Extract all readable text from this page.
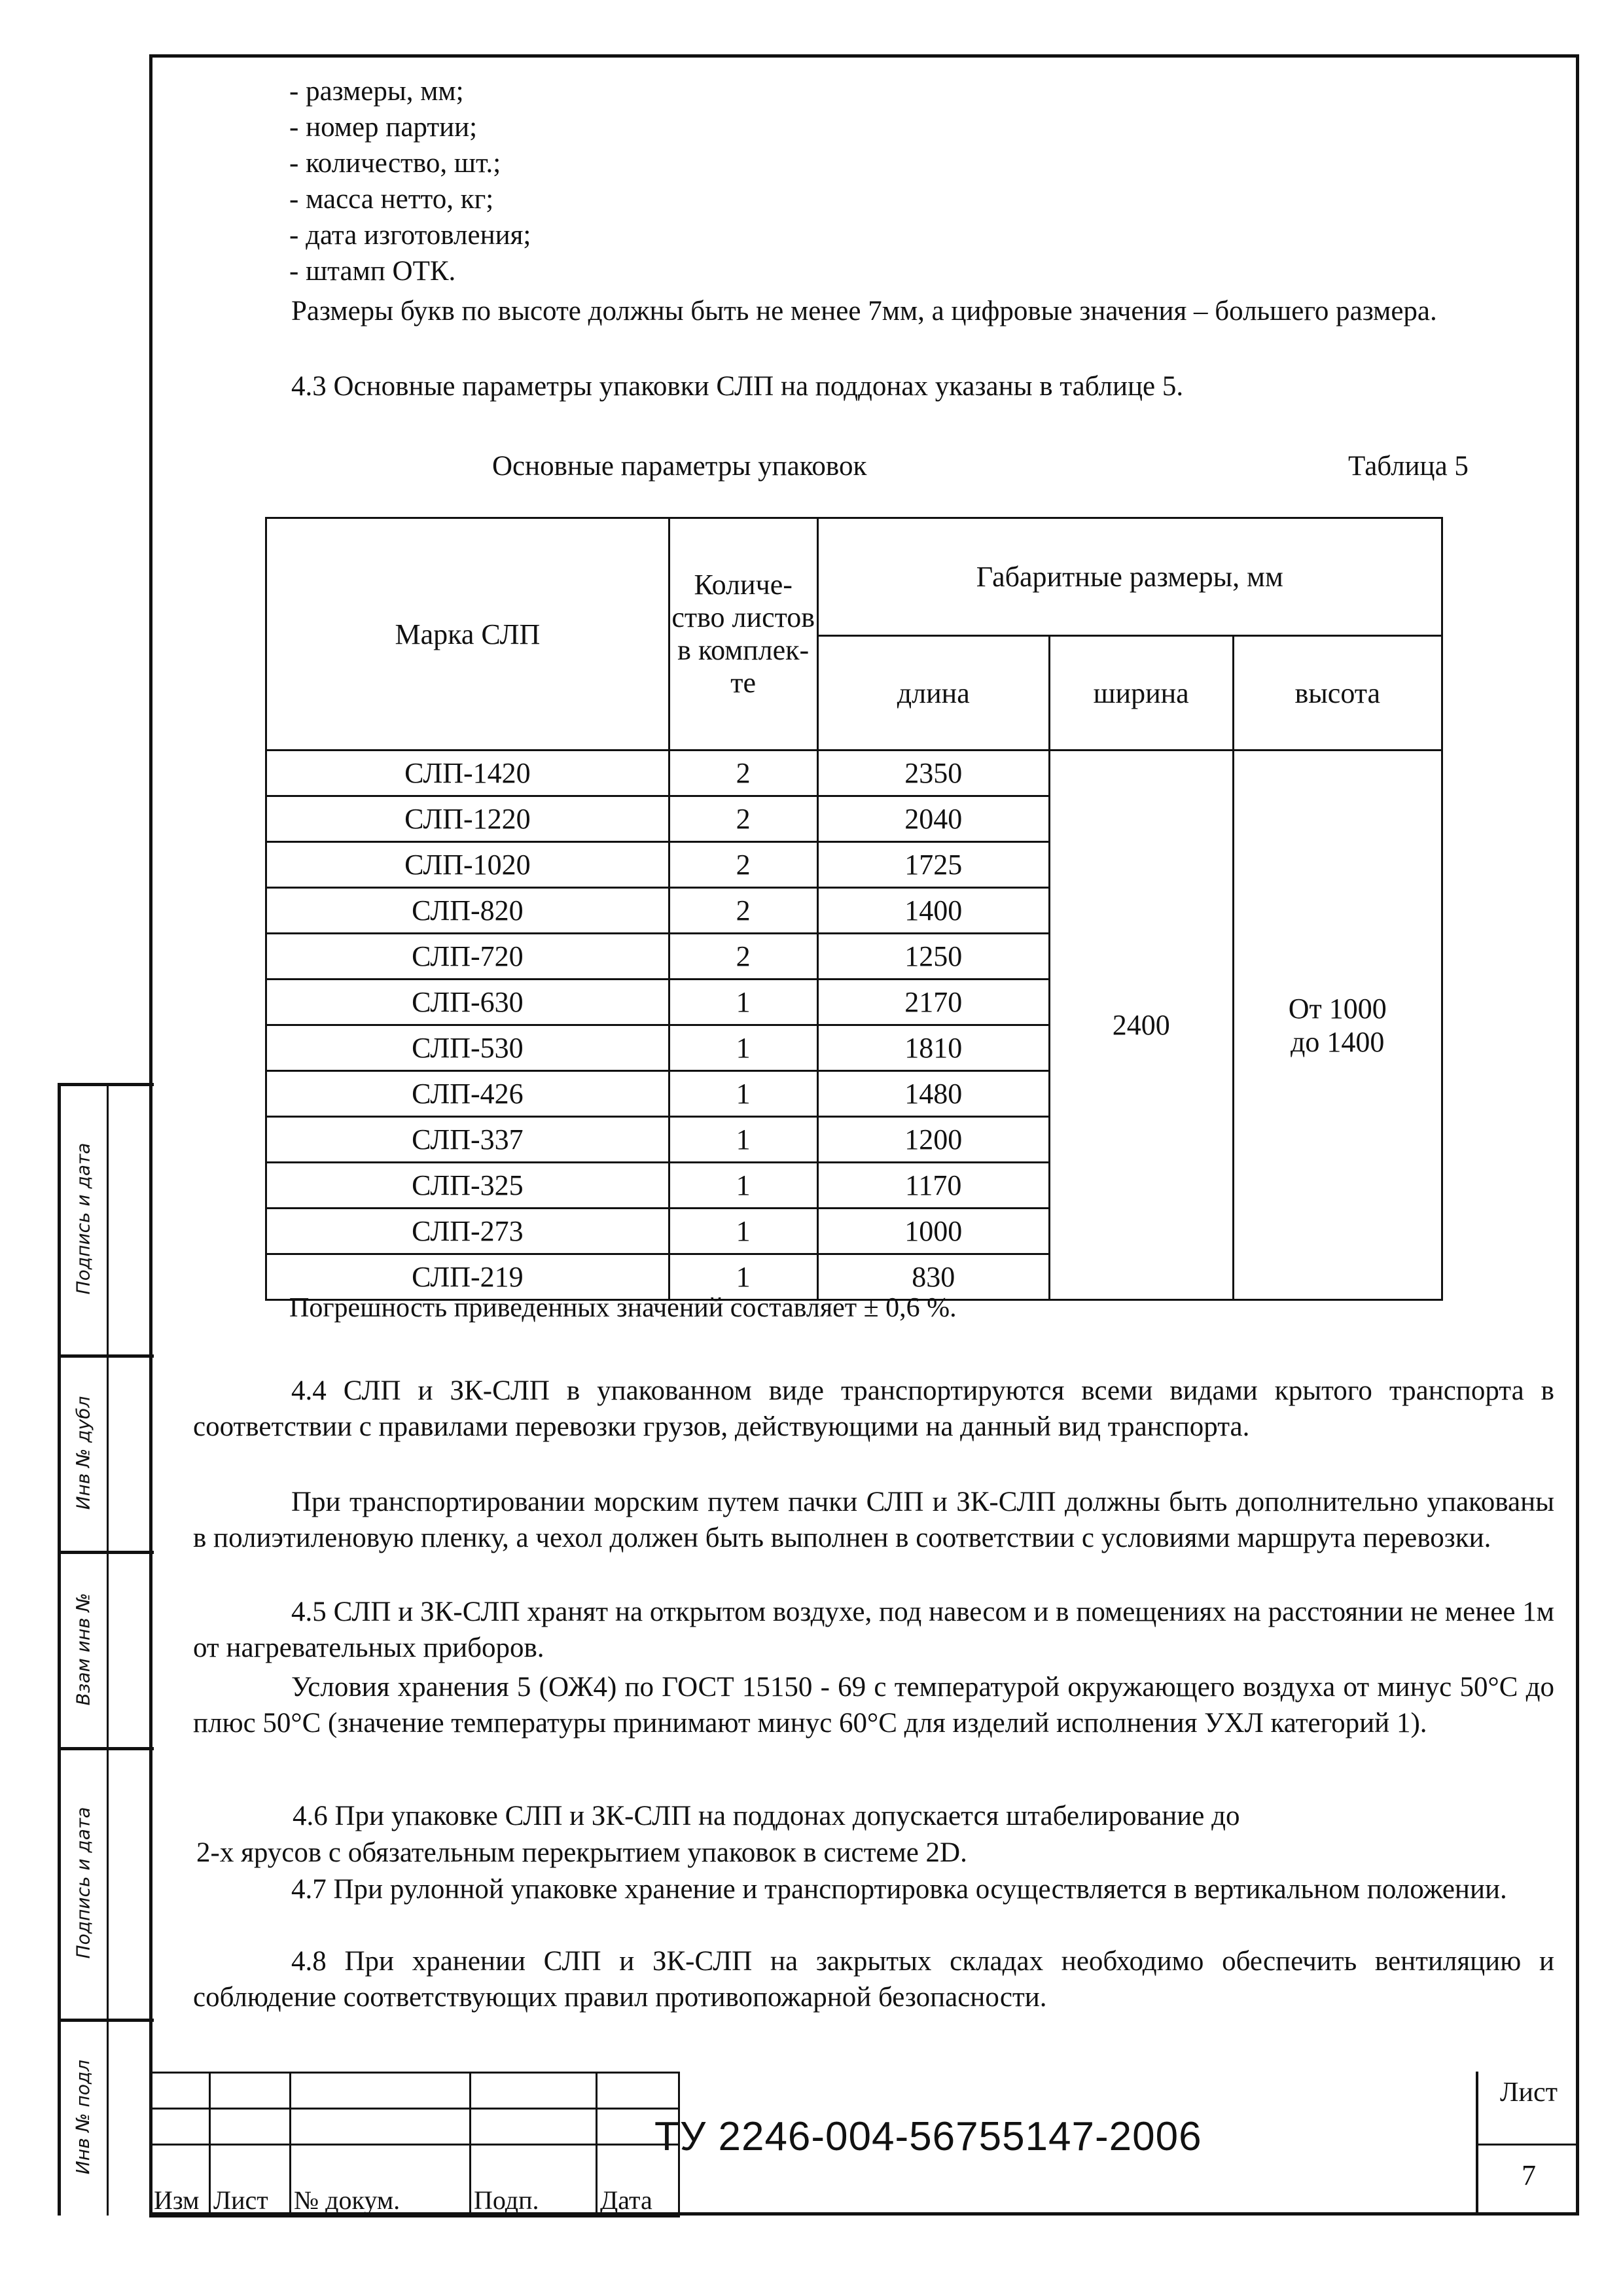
Подпись и дата
Инв № дубл
Взам инв №
Подпись и дата
Инв № подл
- размеры, мм;
- номер партии;
- количество, шт.;
- масса нетто, кг;
- дата изготовления;
- штамп ОТК.
Размеры букв по высоте должны быть не менее 7мм, а цифровые значения – большего размера.
4.3 Основные параметры упаковки СЛП на поддонах указаны в таблице 5.
Основные параметры упаковок	Таблица 5
Марка СЛП	Количе-ство листов в комплек-те	Габаритные размеры, мм		
		длина	ширина	высота
СЛП-1420	2	2350	2400	От 1000
до 1400

СЛП-1220	2	2040		
СЛП-1020	2	1725		
СЛП-820	2	1400		
СЛП-720	2	1250		
СЛП-630	1	2170		
СЛП-530	1	1810		
СЛП-426	1	1480		
СЛП-337	1	1200		
СЛП-325	1	1170		
СЛП-273	1	1000		
СЛП-219	1	830		
Погрешность приведенных значений составляет ± 0,6 %.
4.4 СЛП и ЗК-СЛП в упакованном виде транспортируются всеми видами крытого транспорта в соответствии с правилами перевозки грузов, действующими на данный вид транспорта.
При транспортировании морским путем пачки СЛП и ЗК-СЛП должны быть дополнительно упакованы в полиэтиленовую пленку, а чехол должен быть выполнен в соответствии с условиями маршрута перевозки.
4.5 СЛП и ЗК-СЛП хранят на открытом воздухе, под навесом и в помещениях на расстоянии не менее 1м от нагревательных приборов.
Условия хранения 5 (ОЖ4) по ГОСТ 15150 - 69 с температурой окружающего воздуха от минус 50°С до плюс 50°С (значение температуры принимают минус 60°С для изделий исполнения УХЛ категорий 1).
4.6 При упаковке СЛП и ЗК-СЛП на поддонах допускается штабелирование до
2-х ярусов с обязательным перекрытием упаковок в системе 2D.
4.7 При рулонной упаковке хранение и транспортировка осуществляется в вертикальном положении.
4.8 При хранении СЛП и ЗК-СЛП на закрытых складах необходимо обеспечить вентиляцию и соблюдение соответствующих правил противопожарной безопасности.

Изм	Лист	№ докум.	Подп.	Дата
ТУ 2246-004-56755147-2006
Лист
7
